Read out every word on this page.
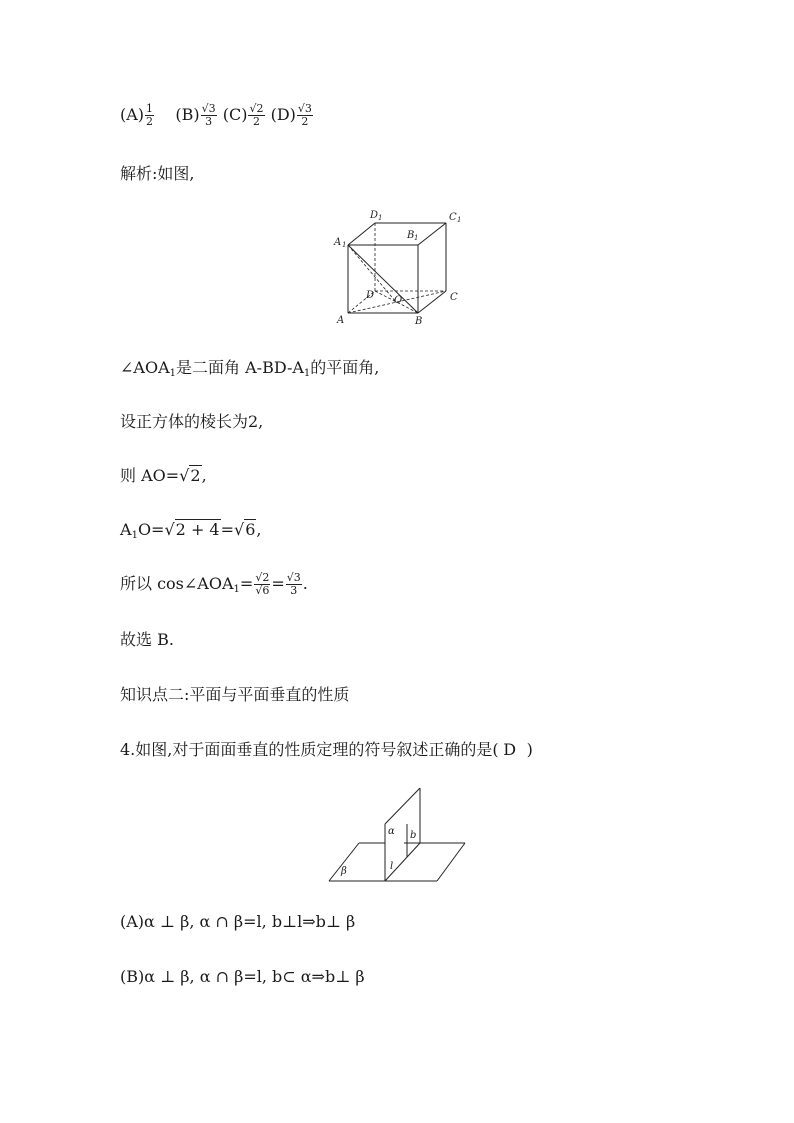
$(A) \frac{1}{2} (B) \frac{√3}{3} (C) \frac{√2}{2} (D) \frac{√3}{2}$
解析:如图,
A 1
D 1	C 1
B 1
D O	C
A	B
$\angle AOA_1$是二面角 $A-BD-A_1$的平面角,
设正方体的棱长为2,
则 AO=√2,
$A_1O=√2 + 4=√6$,
所以 $\cos\angle AOA_1= \frac{√2}{√6} = \frac{√3}{3}$ .
故选 B.
知识点二:平面与平面垂直的性质
4.如图,对于面面垂直的性质定理的符号叙述正确的是( D )
α b
l
β
(A)α ⊥ β, α ∩ β=l, b⊥l⇒b⊥ β
(B)α ⊥ β, α ∩ β=l, b⊂ α⇒b⊥ β
